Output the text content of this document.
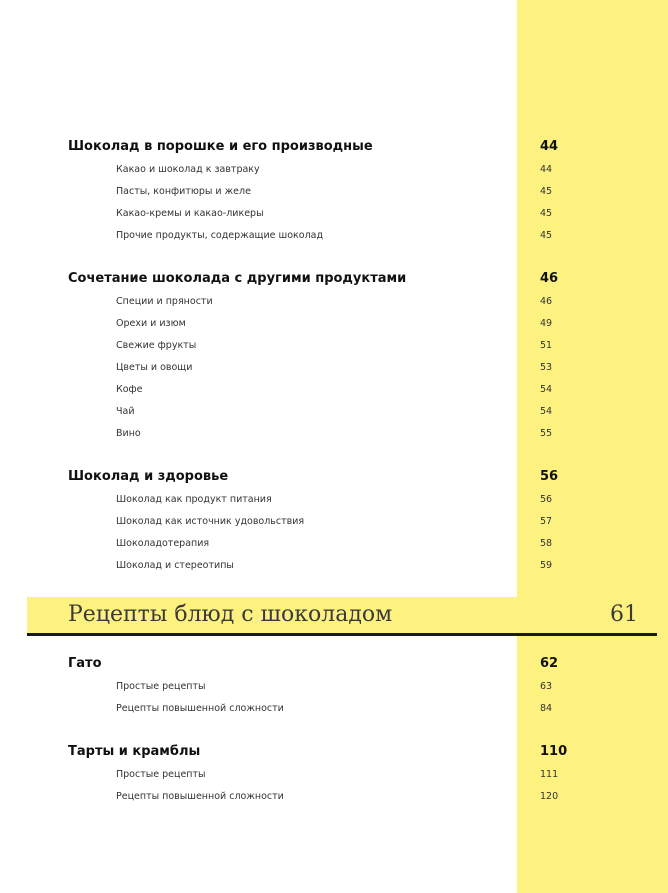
Шоколад в порошке и его производные	44
Какао и шоколад к завтраку	44
Пасты, конфитюры и желе	45
Какао-кремы и какао-ликеры	45
Прочие продукты, содержащие шоколад	45
Сочетание шоколада с другими продуктами	46
Специи и пряности	46
Орехи и изюм	49
Свежие фрукты	51
Цветы и овощи	53
Кофе	54
Чай	54
Вино	55
Шоколад и здоровье	56
Шоколад как продукт питания	56
Шоколад как источник удовольствия	57
Шоколадотерапия	58
Шоколад и стереотипы	59
Рецепты блюд с шоколадом	61
Гато	62
Простые рецепты	63
Рецепты повышенной сложности	84
Тарты и крамблы	110
Простые рецепты	111
Рецепты повышенной сложности	120
